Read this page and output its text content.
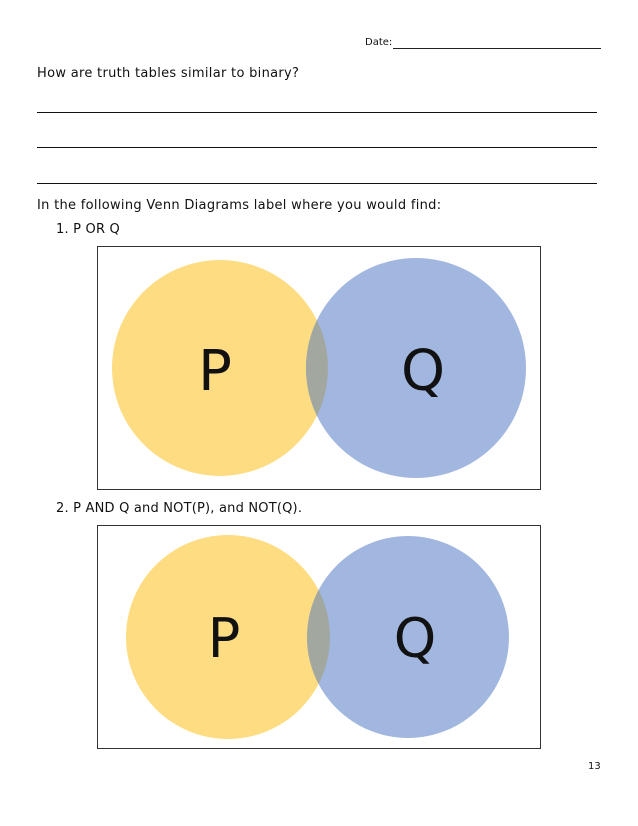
Date:
How are truth tables similar to binary?
In the following Venn Diagrams label where you would find:
1. P OR Q
P	Q
2. P AND Q and NOT(P), and NOT(Q).
P	Q
13
